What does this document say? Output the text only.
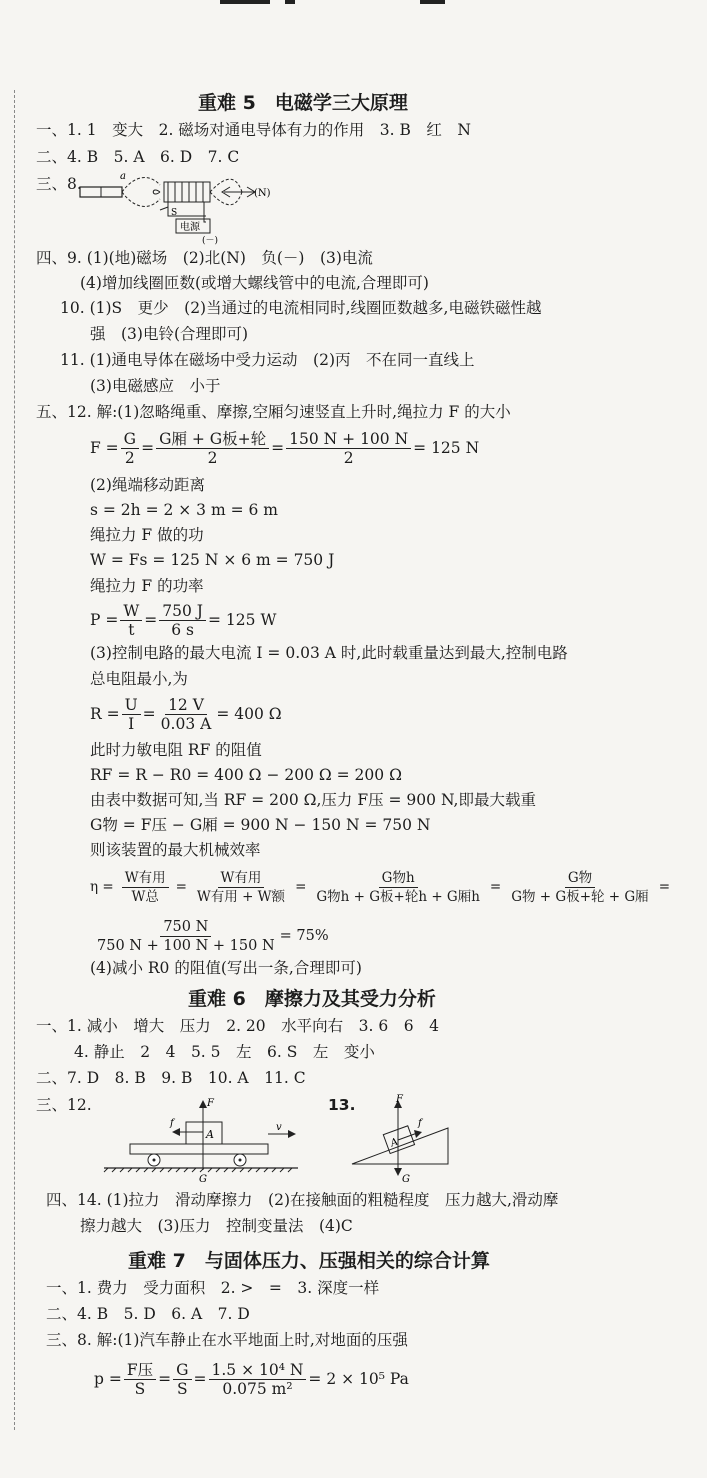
重难 5　电磁学三大原理
一、1. 1　变大　2. 磁场对通电导体有力的作用　3. B　红　N
二、4. B　5. A　6. D　7. C
三、8.	a
(N)
S
电源
(－)
四、9. (1)(地)磁场　(2)北(N)　负(－)　(3)电流
(4)增加线圈匝数(或增大螺线管中的电流,合理即可)
10. (1)S　更少　(2)当通过的电流相同时,线圈匝数越多,电磁铁磁性越
强　(3)电铃(合理即可)
11. (1)通电导体在磁场中受力运动　(2)丙　不在同一直线上
(3)电磁感应　小于
五、12. 解:(1)忽略绳重、摩擦,空厢匀速竖直上升时,绳拉力 F 的大小
$F = \frac{G}{2} = \frac{\text{G厢 + G板+轮}}{2} = \frac{150 N + 100 N}{2} = 125$ N
(2)绳端移动距离
s = 2h = 2 × 3 m = 6 m
绳拉力 F 做的功
W = Fs = 125 N × 6 m = 750 J
绳拉力 F 的功率
$P = \frac{W}{t} = \frac{750 J}{6 s} = 125$ W
(3)控制电路的最大电流 I = 0.03 A 时,此时载重量达到最大,控制电路
总电阻最小,为
$R = \frac{U}{I} = \frac{12 V}{0.03 A} = 400$ Ω
此时力敏电阻 RF 的阻值
RF = R − R0 = 400 Ω − 200 Ω = 200 Ω
由表中数据可知,当 RF = 200 Ω,压力 F压 = 900 N,即最大载重
G物 = F压 − G厢 = 900 N − 150 N = 750 N
则该装置的最大机械效率
$\eta = \frac{\text{W有用}}{\text{W总}} = \frac{\text{W有用}}{\text{W有用 + W额}} = \frac{\text{G物h}}{\text{G物h + G板+轮h + G厢h}} = \frac{\text{G物}}{\text{G物 + G板+轮 + G厢}}$ =
$\frac{750 N}{750 N + 100 N + 150 N} = 75\%$
(4)减小 R0 的阻值(写出一条,合理即可)
重难 6　摩擦力及其受力分析
一、1. 减小　增大　压力　2. 20　水平向右　3. 6　6　4
4. 静止　2　4　5. 5　左　6. S　左　变小
二、7. D　8. B　9. B　10. A　11. C
三、12.	13.
A
F
f
G
v
A
F
f
G
四、14. (1)拉力　滑动摩擦力　(2)在接触面的粗糙程度　压力越大,滑动摩
擦力越大　(3)压力　控制变量法　(4)C
重难 7　与固体压力、压强相关的综合计算
一、1. 费力　受力面积　2. >　=　3. 深度一样
二、4. B　5. D　6. A　7. D
三、8. 解:(1)汽车静止在水平地面上时,对地面的压强
$p = \frac{\text{F压}}{S} = \frac{G}{S} = \frac{\text{1.5 × 10⁴ N}}{\text{0.075 m²}} = 2 \times 10^5$ Pa
